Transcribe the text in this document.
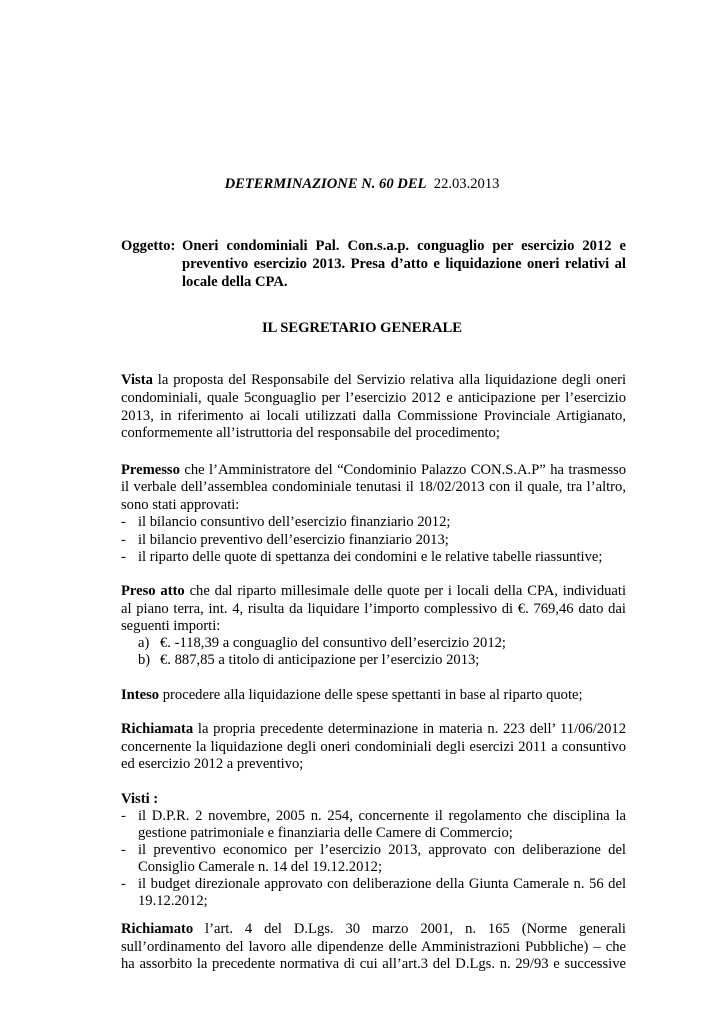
DETERMINAZIONE N. 60 DEL 22.03.2013
Oggetto: Oneri condominiali Pal. Con.s.a.p. conguaglio per esercizio 2012 e
preventivo esercizio 2013. Presa d’atto e liquidazione oneri relativi al
locale della CPA.
IL SEGRETARIO GENERALE
Vista la proposta del Responsabile del Servizio relativa alla liquidazione degli oneri
condominiali, quale 5conguaglio per l’esercizio 2012 e anticipazione per l’esercizio
2013, in riferimento ai locali utilizzati dalla Commissione Provinciale Artigianato,
conformemente all’istruttoria del responsabile del procedimento;
Premesso che l’Amministratore del “Condominio Palazzo CON.S.A.P” ha trasmesso
il verbale dell’assemblea condominiale tenutasi il 18/02/2013 con il quale, tra l’altro,
sono stati approvati:
- il bilancio consuntivo dell’esercizio finanziario 2012;
- il bilancio preventivo dell’esercizio finanziario 2013;
- il riparto delle quote di spettanza dei condomini e le relative tabelle riassuntive;
Preso atto che dal riparto millesimale delle quote per i locali della CPA, individuati
al piano terra, int. 4, risulta da liquidare l’importo complessivo di €. 769,46 dato dai
seguenti importi:
a) €. -118,39 a conguaglio del consuntivo dell’esercizio 2012;
b) €. 887,85 a titolo di anticipazione per l’esercizio 2013;
Inteso procedere alla liquidazione delle spese spettanti in base al riparto quote;
Richiamata la propria precedente determinazione in materia n. 223 dell’ 11/06/2012
concernente la liquidazione degli oneri condominiali degli esercizi 2011 a consuntivo
ed esercizio 2012 a preventivo;
Visti :
- il D.P.R. 2 novembre, 2005 n. 254, concernente il regolamento che disciplina la
gestione patrimoniale e finanziaria delle Camere di Commercio;
- il preventivo economico per l’esercizio 2013, approvato con deliberazione del
Consiglio Camerale n. 14 del 19.12.2012;
- il budget direzionale approvato con deliberazione della Giunta Camerale n. 56 del
19.12.2012;
Richiamato l’art. 4 del D.Lgs. 30 marzo 2001, n. 165 (Norme generali
sull’ordinamento del lavoro alle dipendenze delle Amministrazioni Pubbliche) – che
ha assorbito la precedente normativa di cui all’art.3 del D.Lgs. n. 29/93 e successive
